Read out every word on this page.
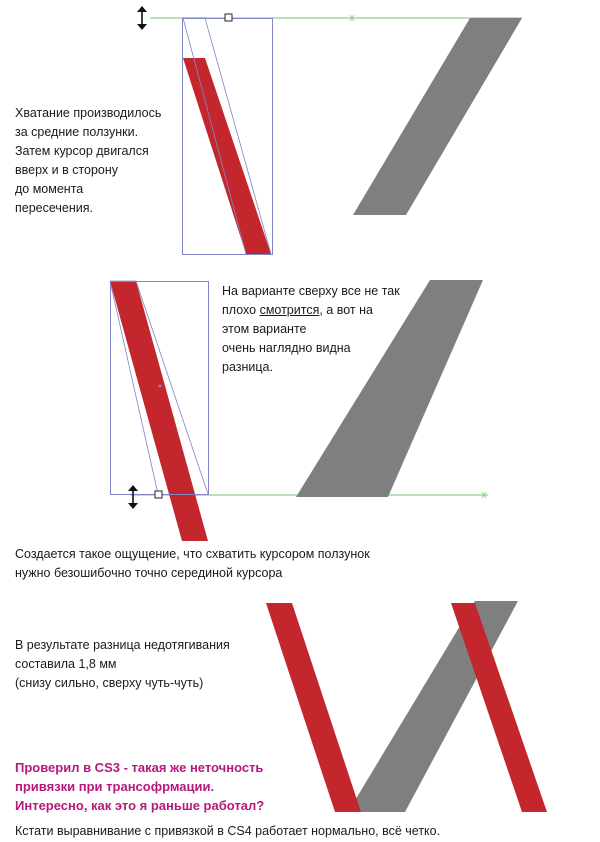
Хватание производилось
за средние ползунки.
Затем курсор двигался
вверх и в сторону
до момента
пересечения.
На варианте сверху все не так
плохо смотрится, а вот на
этом варианте
очень наглядно видна
разница.
Создается такое ощущение, что схватить курсором ползунок
нужно безошибочно точно серединой курсора
В результате разница недотягивания
составила 1,8 мм
(снизу сильно, сверху чуть-чуть)
Проверил в CS3 - такая же неточность
привязки при трансофрмации.
Интересно, как это я раньше работал?
Кстати выравнивание с привязкой в CS4 работает нормально, всё четко.
